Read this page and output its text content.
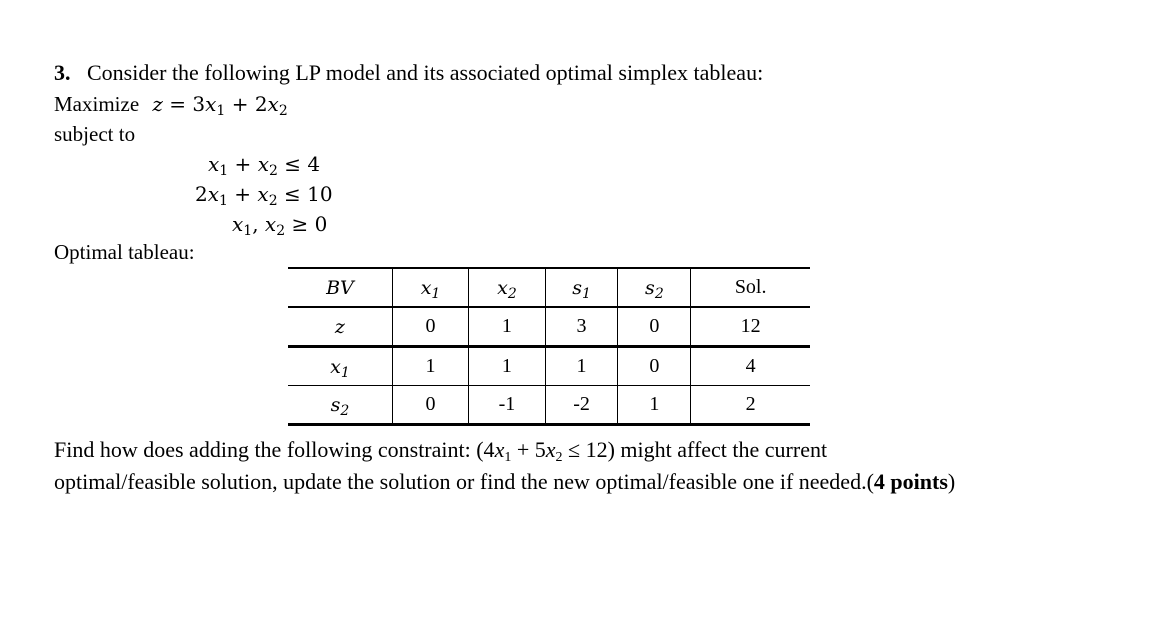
3. Consider the following LP model and its associated optimal simplex tableau:
Maximize $z = 3x_1 + 2x_2$
subject to
$x_1 + x_2 \le 4$
$2x_1 + x_2 \le 10$
$x_1$, $x_2 \ge 0$
Optimal tableau:
BV	$x_1$	$x_2$	$s_1$	$s_2$	Sol.
z	0	1	3	0	12
$x_1$	1	1	1	0	4
$s_2$	0	-1	-2	1	2
Find how does adding the following constraint: $(4x_1 + 5x_2 \le 12)$ might affect the current
optimal/feasible solution, update the solution or find the new optimal/feasible one if needed.(4 points)
